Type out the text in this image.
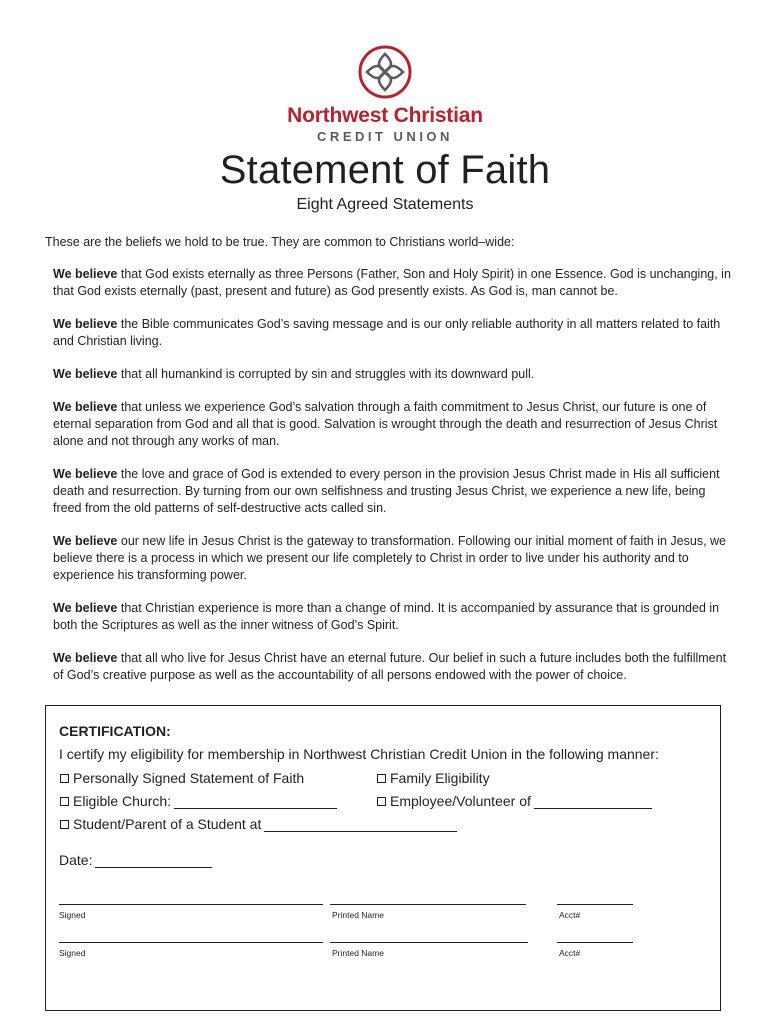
Northwest Christian
CREDIT UNION
Statement of Faith
Eight Agreed Statements
These are the beliefs we hold to be true. They are common to Christians world–wide:

We believe that God exists eternally as three Persons (Father, Son and Holy Spirit) in one Essence. God is unchanging, in that God exists eternally (past, present and future) as God presently exists. As God is, man cannot be.

We believe the Bible communicates God’s saving message and is our only reliable authority in all matters related to faith and Christian living.

We believe that all humankind is corrupted by sin and struggles with its downward pull.

We believe that unless we experience God’s salvation through a faith commitment to Jesus Christ, our future is one of eternal separation from God and all that is good. Salvation is wrought through the death and resurrection of Jesus Christ alone and not through any works of man.

We believe the love and grace of God is extended to every person in the provision Jesus Christ made in His all sufficient death and resurrection. By turning from our own selfishness and trusting Jesus Christ, we experience a new life, being freed from the old patterns of self-destructive acts called sin.

We believe our new life in Jesus Christ is the gateway to transformation. Following our initial moment of faith in Jesus, we believe there is a process in which we present our life completely to Christ in order to live under his authority and to experience his transforming power.

We believe that Christian experience is more than a change of mind. It is accompanied by assurance that is grounded in both the Scriptures as well as the inner witness of God’s Spirit.

We believe that all who live for Jesus Christ have an eternal future. Our belief in such a future includes both the fulfillment of God’s creative purpose as well as the accountability of all persons endowed with the power of choice.

CERTIFICATION:
I certify my eligibility for membership in Northwest Christian Credit Union in the following manner:
Personally Signed Statement of Faith	Family Eligibility
Eligible Church:	Employee/Volunteer of
Student/Parent of a Student at
Date:
Signed	Printed Name	Acct#
Signed	Printed Name	Acct#
